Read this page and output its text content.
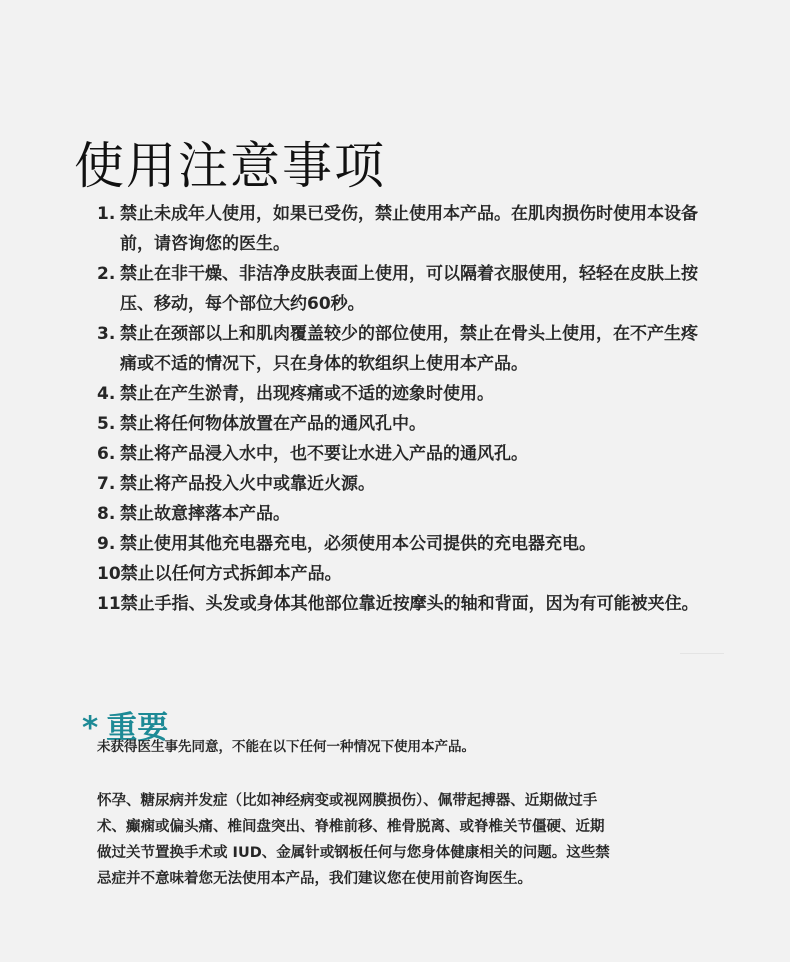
使用注意事项
1. 禁止未成年人使用，如果已受伤，禁止使用本产品。在肌肉损伤时使用本设备前，请咨询您的医生。
2. 禁止在非干燥、非洁净皮肤表面上使用，可以隔着衣服使用，轻轻在皮肤上按压、移动，每个部位大约60秒。
3. 禁止在颈部以上和肌肉覆盖较少的部位使用，禁止在骨头上使用，在不产生疼痛或不适的情况下，只在身体的软组织上使用本产品。
4. 禁止在产生淤青，出现疼痛或不适的迹象时使用。
5. 禁止将任何物体放置在产品的通风孔中。
6. 禁止将产品浸入水中，也不要让水进入产品的通风孔。
7. 禁止将产品投入火中或靠近火源。
8. 禁止故意摔落本产品。
9. 禁止使用其他充电器充电，必须使用本公司提供的充电器充电。
10 禁止以任何方式拆卸本产品。
11 禁止手指、头发或身体其他部位靠近按摩头的轴和背面，因为有可能被夹住。
* 重要

未获得医生事先同意，不能在以下任何一种情况下使用本产品。

怀孕、糖尿病并发症（比如神经病变或视网膜损伤）、佩带起搏器、近期做过手术、癫痫或偏头痛、椎间盘突出、脊椎前移、椎骨脱离、或脊椎关节僵硬、近期做过关节置换手术或 IUD、金属针或钢板任何与您身体健康相关的问题。这些禁忌症并不意味着您无法使用本产品，我们建议您在使用前咨询医生。
